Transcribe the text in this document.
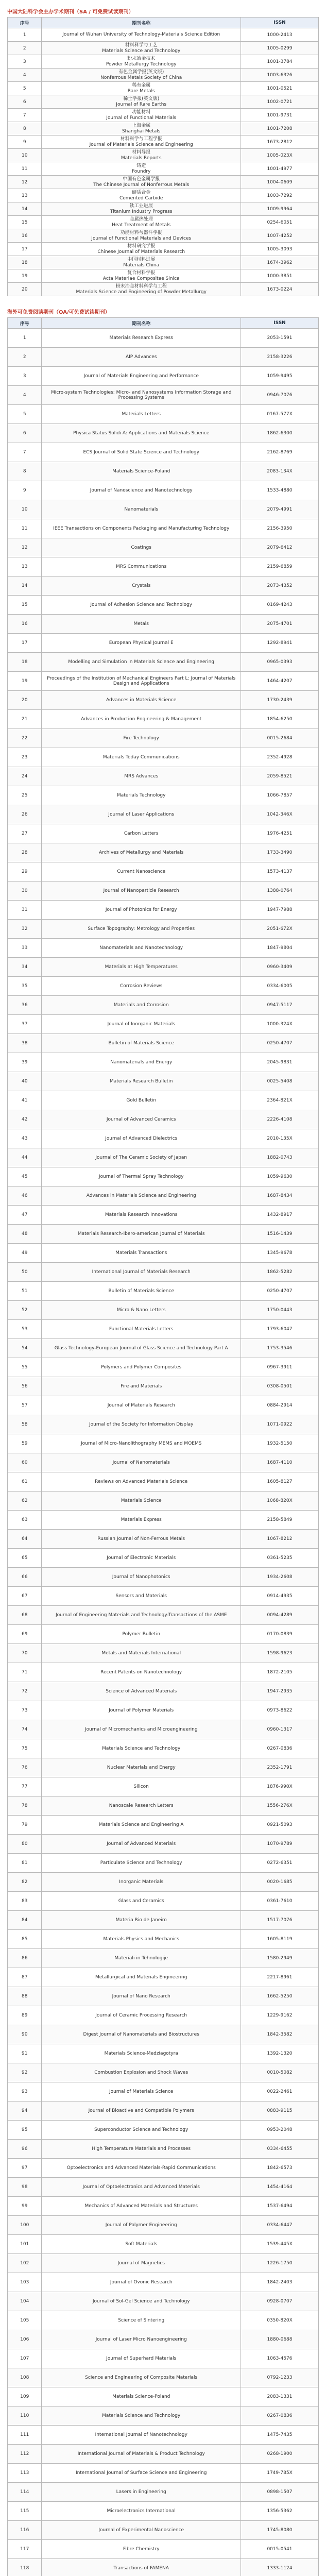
中国大陆科学会主办学术期刊（SA / 可免费试读期刊）
序号	期刊名称	ISSN
1	Journal of Wuhan University of Technology-Materials Science Edition	1000-2413
2	材料科学与工艺
Materials Science and Technology	1005-0299
3	粉末冶金技术
Powder Metallurgy Technology	1001-3784
4	有色金属学报(英文版)
Nonferrous Metals Society of China	1003-6326
5	稀有金属
Rare Metals	1001-0521
6	稀土学报(英文版)
Journal of Rare Earths	1002-0721
7	功能材料
Journal of Functional Materials	1001-9731
8	上海金属
Shanghai Metals	1001-7208
9	材料科学与工程学报
Journal of Materials Science and Engineering	1673-2812
10	材料导报
Materials Reports	1005-023X
11	铸造
Foundry	1001-4977
12	中国有色金属学报
The Chinese Journal of Nonferrous Metals	1004-0609
13	硬质合金
Cemented Carbide	1003-7292
14	钛工业进展
Titanium Industry Progress	1009-9964
15	金属热处理
Heat Treatment of Metals	0254-6051
16	功能材料与器件学报
Journal of Functional Materials and Devices	1007-4252
17	材料研究学报
Chinese Journal of Materials Research	1005-3093
18	中国材料进展
Materials China	1674-3962
19	复合材料学报
Acta Materiae Compositae Sinica	1000-3851
20	粉末冶金材料科学与工程
Materials Science and Engineering of Powder Metallurgy	1673-0224
海外可免费阅读期刊（OA/可免费试读期刊）
序号	期刊名称	ISSN
1	Materials Research Express	2053-1591
2	AIP Advances	2158-3226
3	Journal of Materials Engineering and Performance	1059-9495
4	Micro-system Technologies: Micro- and Nanosystems Information Storage and Processing Systems	0946-7076
5	Materials Letters	0167-577X
6	Physica Status Solidi A: Applications and Materials Science	1862-6300
7	ECS Journal of Solid State Science and Technology	2162-8769
8	Materials Science-Poland	2083-134X
9	Journal of Nanoscience and Nanotechnology	1533-4880
10	Nanomaterials	2079-4991
11	IEEE Transactions on Components Packaging and Manufacturing Technology	2156-3950
12	Coatings	2079-6412
13	MRS Communications	2159-6859
14	Crystals	2073-4352
15	Journal of Adhesion Science and Technology	0169-4243
16	Metals	2075-4701
17	European Physical Journal E	1292-8941
18	Modelling and Simulation in Materials Science and Engineering	0965-0393
19	Proceedings of the Institution of Mechanical Engineers Part L: Journal of Materials Design and Applications	1464-4207
20	Advances in Materials Science	1730-2439
21	Advances in Production Engineering & Management	1854-6250
22	Fire Technology	0015-2684
23	Materials Today Communications	2352-4928
24	MRS Advances	2059-8521
25	Materials Technology	1066-7857
26	Journal of Laser Applications	1042-346X
27	Carbon Letters	1976-4251
28	Archives of Metallurgy and Materials	1733-3490
29	Current Nanoscience	1573-4137
30	Journal of Nanoparticle Research	1388-0764
31	Journal of Photonics for Energy	1947-7988
32	Surface Topography: Metrology and Properties	2051-672X
33	Nanomaterials and Nanotechnology	1847-9804
34	Materials at High Temperatures	0960-3409
35	Corrosion Reviews	0334-6005
36	Materials and Corrosion	0947-5117
37	Journal of Inorganic Materials	1000-324X
38	Bulletin of Materials Science	0250-4707
39	Nanomaterials and Energy	2045-9831
40	Materials Research Bulletin	0025-5408
41	Gold Bulletin	2364-821X
42	Journal of Advanced Ceramics	2226-4108
43	Journal of Advanced Dielectrics	2010-135X
44	Journal of The Ceramic Society of Japan	1882-0743
45	Journal of Thermal Spray Technology	1059-9630
46	Advances in Materials Science and Engineering	1687-8434
47	Materials Research Innovations	1432-8917
48	Materials Research-Ibero-american Journal of Materials	1516-1439
49	Materials Transactions	1345-9678
50	International Journal of Materials Research	1862-5282
51	Bulletin of Materials Science	0250-4707
52	Micro & Nano Letters	1750-0443
53	Functional Materials Letters	1793-6047
54	Glass Technology-European Journal of Glass Science and Technology Part A	1753-3546
55	Polymers and Polymer Composites	0967-3911
56	Fire and Materials	0308-0501
57	Journal of Materials Research	0884-2914
58	Journal of the Society for Information Display	1071-0922
59	Journal of Micro-Nanolithography MEMS and MOEMS	1932-5150
60	Journal of Nanomaterials	1687-4110
61	Reviews on Advanced Materials Science	1605-8127
62	Materials Science	1068-820X
63	Materials Express	2158-5849
64	Russian Journal of Non-Ferrous Metals	1067-8212
65	Journal of Electronic Materials	0361-5235
66	Journal of Nanophotonics	1934-2608
67	Sensors and Materials	0914-4935
68	Journal of Engineering Materials and Technology-Transactions of the ASME	0094-4289
69	Polymer Bulletin	0170-0839
70	Metals and Materials International	1598-9623
71	Recent Patents on Nanotechnology	1872-2105
72	Science of Advanced Materials	1947-2935
73	Journal of Polymer Materials	0973-8622
74	Journal of Micromechanics and Microengineering	0960-1317
75	Materials Science and Technology	0267-0836
76	Nuclear Materials and Energy	2352-1791
77	Silicon	1876-990X
78	Nanoscale Research Letters	1556-276X
79	Materials Science and Engineering A	0921-5093
80	Journal of Advanced Materials	1070-9789
81	Particulate Science and Technology	0272-6351
82	Inorganic Materials	0020-1685
83	Glass and Ceramics	0361-7610
84	Materia Rio de Janeiro	1517-7076
85	Materials Physics and Mechanics	1605-8119
86	Materiali in Tehnologije	1580-2949
87	Metallurgical and Materials Engineering	2217-8961
88	Journal of Nano Research	1662-5250
89	Journal of Ceramic Processing Research	1229-9162
90	Digest Journal of Nanomaterials and Biostructures	1842-3582
91	Materials Science-Medziagotyra	1392-1320
92	Combustion Explosion and Shock Waves	0010-5082
93	Journal of Materials Science	0022-2461
94	Journal of Bioactive and Compatible Polymers	0883-9115
95	Superconductor Science and Technology	0953-2048
96	High Temperature Materials and Processes	0334-6455
97	Optoelectronics and Advanced Materials-Rapid Communications	1842-6573
98	Journal of Optoelectronics and Advanced Materials	1454-4164
99	Mechanics of Advanced Materials and Structures	1537-6494
100	Journal of Polymer Engineering	0334-6447
101	Soft Materials	1539-445X
102	Journal of Magnetics	1226-1750
103	Journal of Ovonic Research	1842-2403
104	Journal of Sol-Gel Science and Technology	0928-0707
105	Science of Sintering	0350-820X
106	Journal of Laser Micro Nanoengineering	1880-0688
107	Journal of Superhard Materials	1063-4576
108	Science and Engineering of Composite Materials	0792-1233
109	Materials Science-Poland	2083-1331
110	Materials Science and Technology	0267-0836
111	International Journal of Nanotechnology	1475-7435
112	International Journal of Materials & Product Technology	0268-1900
113	International Journal of Surface Science and Engineering	1749-785X
114	Lasers in Engineering	0898-1507
115	Microelectronics International	1356-5362
116	Journal of Experimental Nanoscience	1745-8080
117	Fibre Chemistry	0015-0541
118	Transactions of FAMENA	1333-1124
